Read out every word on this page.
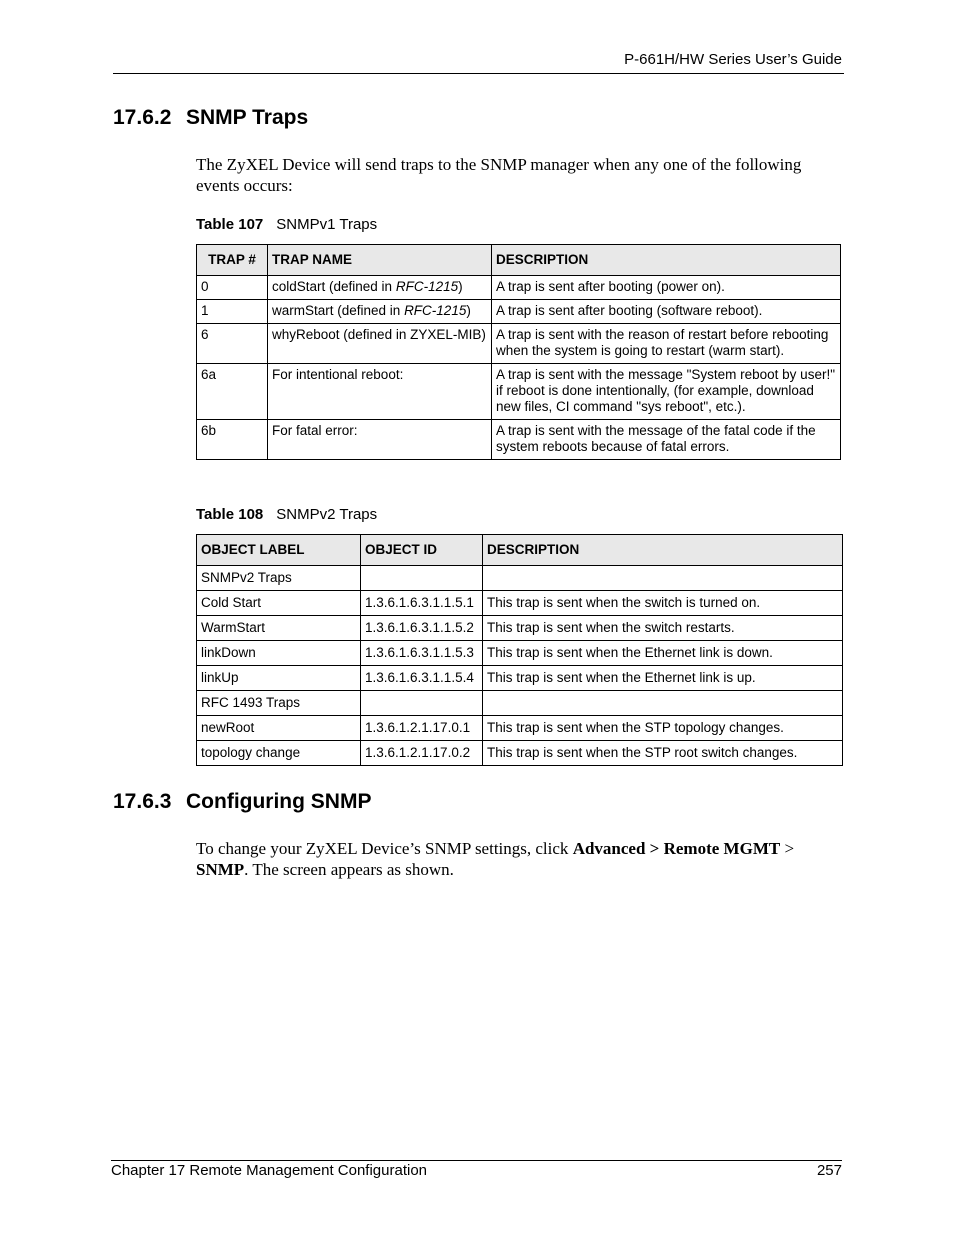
P-661H/HW Series User’s Guide
17.6.2 SNMP Traps
The ZyXEL Device will send traps to the SNMP manager when any one of the following events occurs:
Table 107 SNMPv1 Traps
TRAP #	TRAP NAME	DESCRIPTION
0	coldStart (defined in RFC-1215)	A trap is sent after booting (power on).
1	warmStart (defined in RFC-1215)	A trap is sent after booting (software reboot).
6	whyReboot (defined in ZYXEL-MIB)	A trap is sent with the reason of restart before rebooting when the system is going to restart (warm start).
6a	For intentional reboot:	A trap is sent with the message "System reboot by user!" if reboot is done intentionally, (for example, download new files, CI command "sys reboot", etc.).
6b	For fatal error:	A trap is sent with the message of the fatal code if the system reboots because of fatal errors.
Table 108 SNMPv2 Traps
OBJECT LABEL	OBJECT ID	DESCRIPTION
SNMPv2 Traps		
Cold Start	1.3.6.1.6.3.1.1.5.1	This trap is sent when the switch is turned on.
WarmStart	1.3.6.1.6.3.1.1.5.2	This trap is sent when the switch restarts.
linkDown	1.3.6.1.6.3.1.1.5.3	This trap is sent when the Ethernet link is down.
linkUp	1.3.6.1.6.3.1.1.5.4	This trap is sent when the Ethernet link is up.
RFC 1493 Traps		
newRoot	1.3.6.1.2.1.17.0.1	This trap is sent when the STP topology changes.
topology change	1.3.6.1.2.1.17.0.2	This trap is sent when the STP root switch changes.
17.6.3 Configuring SNMP
To change your ZyXEL Device’s SNMP settings, click Advanced > Remote MGMT > SNMP. The screen appears as shown.
Chapter 17 Remote Management Configuration	257
